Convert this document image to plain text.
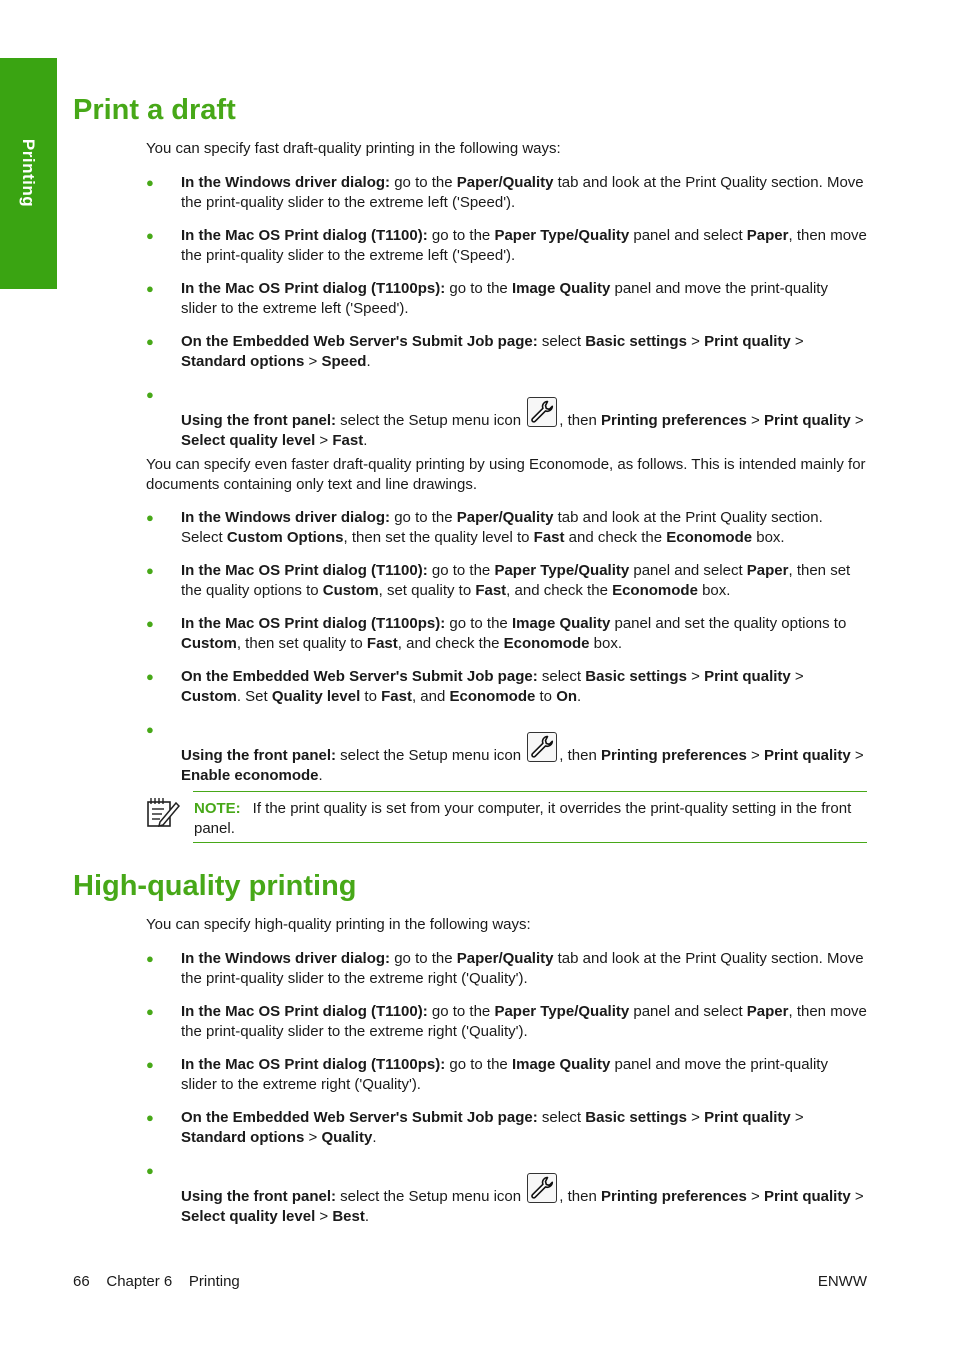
Printing
Print a draft

You can specify fast draft-quality printing in the following ways:

● In the Windows driver dialog: go to the Paper/Quality tab and look at the Print Quality section. Move the print-quality slider to the extreme left ('Speed').
● In the Mac OS Print dialog (T1100): go to the Paper Type/Quality panel and select Paper, then move the print-quality slider to the extreme left ('Speed').
● In the Mac OS Print dialog (T1100ps): go to the Image Quality panel and move the print-quality slider to the extreme left ('Speed').
● On the Embedded Web Server's Submit Job page: select Basic settings > Print quality > Standard options > Speed.
●
Using the front panel: select the Setup menu icon
, then Printing preferences > Print quality > Select quality level > Fast.

You can specify even faster draft-quality printing by using Economode, as follows. This is intended mainly for documents containing only text and line drawings.

● In the Windows driver dialog: go to the Paper/Quality tab and look at the Print Quality section. Select Custom Options, then set the quality level to Fast and check the Economode box.
● In the Mac OS Print dialog (T1100): go to the Paper Type/Quality panel and select Paper, then set the quality options to Custom, set quality to Fast, and check the Economode box.
● In the Mac OS Print dialog (T1100ps): go to the Image Quality panel and set the quality options to Custom, then set quality to Fast, and check the Economode box.
● On the Embedded Web Server's Submit Job page: select Basic settings > Print quality > Custom. Set Quality level to Fast, and Economode to On.
●
Using the front panel: select the Setup menu icon
, then Printing preferences > Print quality > Enable economode.

NOTE: If the print quality is set from your computer, it overrides the print-quality setting in the front panel.

High-quality printing

You can specify high-quality printing in the following ways:

● In the Windows driver dialog: go to the Paper/Quality tab and look at the Print Quality section. Move the print-quality slider to the extreme right ('Quality').
● In the Mac OS Print dialog (T1100): go to the Paper Type/Quality panel and select Paper, then move the print-quality slider to the extreme right ('Quality').
● In the Mac OS Print dialog (T1100ps): go to the Image Quality panel and move the print-quality slider to the extreme right ('Quality').
● On the Embedded Web Server's Submit Job page: select Basic settings > Print quality > Standard options > Quality.
●
Using the front panel: select the Setup menu icon
, then Printing preferences > Print quality > Select quality level > Best.
66 Chapter 6 Printing	ENWW
